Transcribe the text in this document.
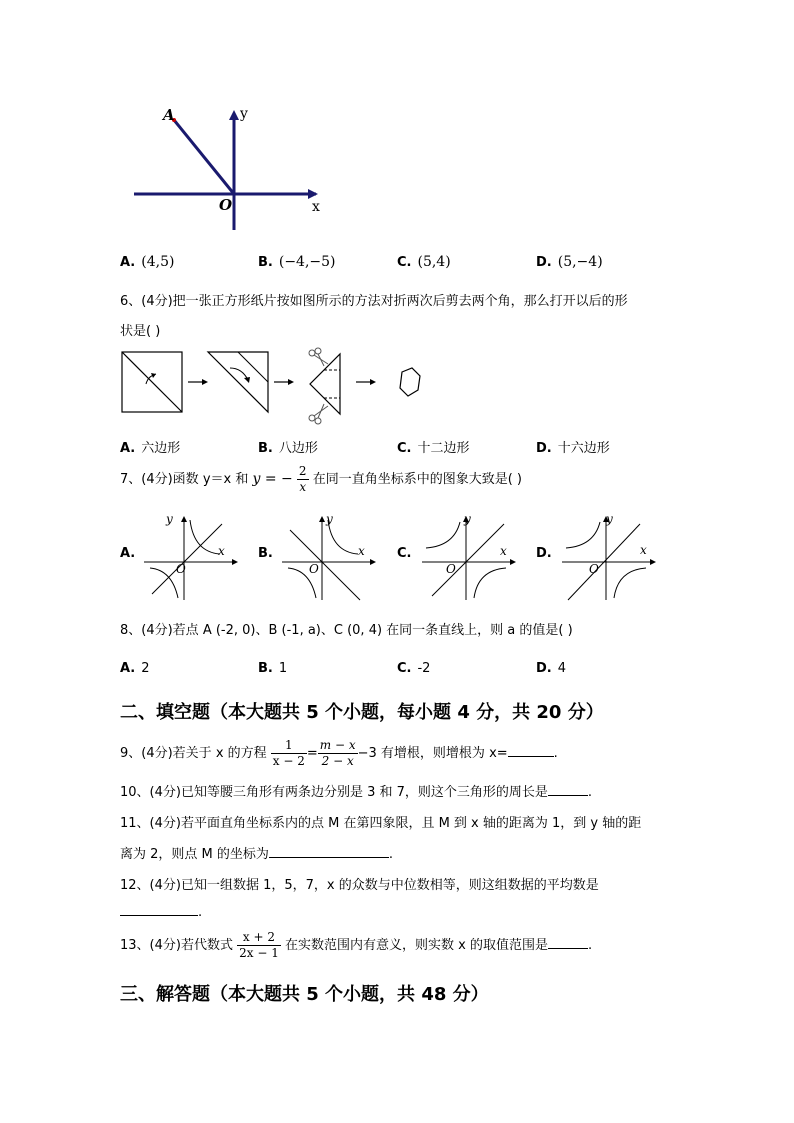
A	y
O	x
A. (4,5)	B. (−4,−5)	C. (5,4)	D. (5,−4)
6、(4分)把一张正方形纸片按如图所示的方法对折两次后剪去两个角，那么打开以后的形
状是( )
A. 六边形	B. 八边形	C. 十二边形	D. 十六边形
7、(4分)函数 y＝x 和 y = − $\frac{2}{x}$ 在同一直角坐标系中的图象大致是( )
A.
y
x
O
B.
y
x
O
C.
y
x
O
D.
y
x
O
8、(4分)若点 A (-2, 0)、B (-1, a)、C (0, 4) 在同一条直线上，则 a 的值是( )
A. 2	B. 1	C. -2	D. 4
二、填空题（本大题共 5 个小题，每小题 4 分，共 20 分）
9、(4分)若关于 x 的方程 $\frac{1}{x - 2} = \frac{m - x}{2 - x} -3$ 有增根，则增根为 x=	.
10、(4分)已知等腰三角形有两条边分别是 3 和 7，则这个三角形的周长是	.
11、(4分)若平面直角坐标系内的点 M 在第四象限，且 M 到 x 轴的距离为 1，到 y 轴的距
离为 2，则点 M 的坐标为	.
12、(4分)已知一组数据 1，5，7，x 的众数与中位数相等，则这组数据的平均数是
.
13、(4分)若代数式 $\frac{x + 2}{2x - 1}$ 在实数范围内有意义，则实数 x 的取值范围是	.
三、解答题（本大题共 5 个小题，共 48 分）
